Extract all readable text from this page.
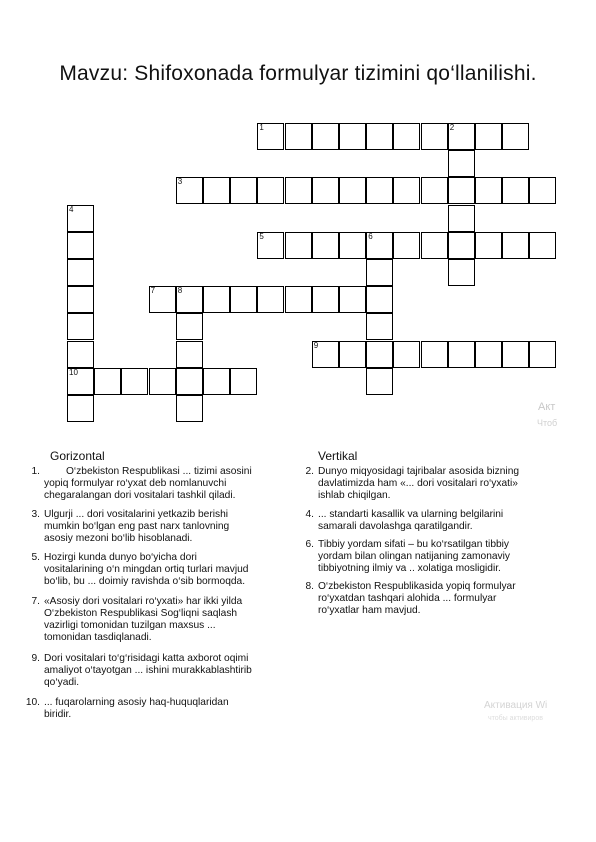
Mavzu: Shifoxonada formulyar tizimini qo‘llanilishi.
1	2
3
4
5	6
7	8
9
10
Акт
Чтоб
Gorizontal	Vertikal
1.	O‘zbekiston Respublikasi ... tizimi asosini
yopiq formulyar ro‘yxat deb nomlanuvchi
chegaralangan dori vositalari tashkil qiladi.
3. Ulgurji ... dori vositalarini yetkazib berishi
mumkin bo‘lgan eng past narx tanlovning
asosiy mezoni bo‘lib hisoblanadi.
5. Hozirgi kunda dunyo bo‘yicha dori
vositalarining o‘n mingdan ortiq turlari mavjud
bo‘lib, bu ... doimiy ravishda o‘sib bormoqda.
7. «Asosiy dori vositalari ro‘yxati» har ikki yilda
O‘zbekiston Respublikasi Sog‘liqni saqlash
vazirligi tomonidan tuzilgan maxsus ...
tomonidan tasdiqlanadi.
9. Dori vositalari to‘g‘risidagi katta axborot oqimi
amaliyot o‘tayotgan ... ishini murakkablashtirib
qo‘yadi.
10. ... fuqarolarning asosiy haq-huquqlaridan
biridir.
2. Dunyo miqyosidagi tajribalar asosida bizning
davlatimizda ham «... dori vositalari ro‘yxati»
ishlab chiqilgan.
4. ... standarti kasallik va ularning belgilarini
samarali davolashga qaratilgandir.
6. Tibbiy yordam sifati – bu ko‘rsatilgan tibbiy
yordam bilan olingan natijaning zamonaviy
tibbiyotning ilmiy va .. xolatiga mosligidir.
8. O‘zbekiston Respublikasida yopiq formulyar
ro‘yxatdan tashqari alohida ... formulyar
ro‘yxatlar ham mavjud.
Активация Wi
чтобы активиров
